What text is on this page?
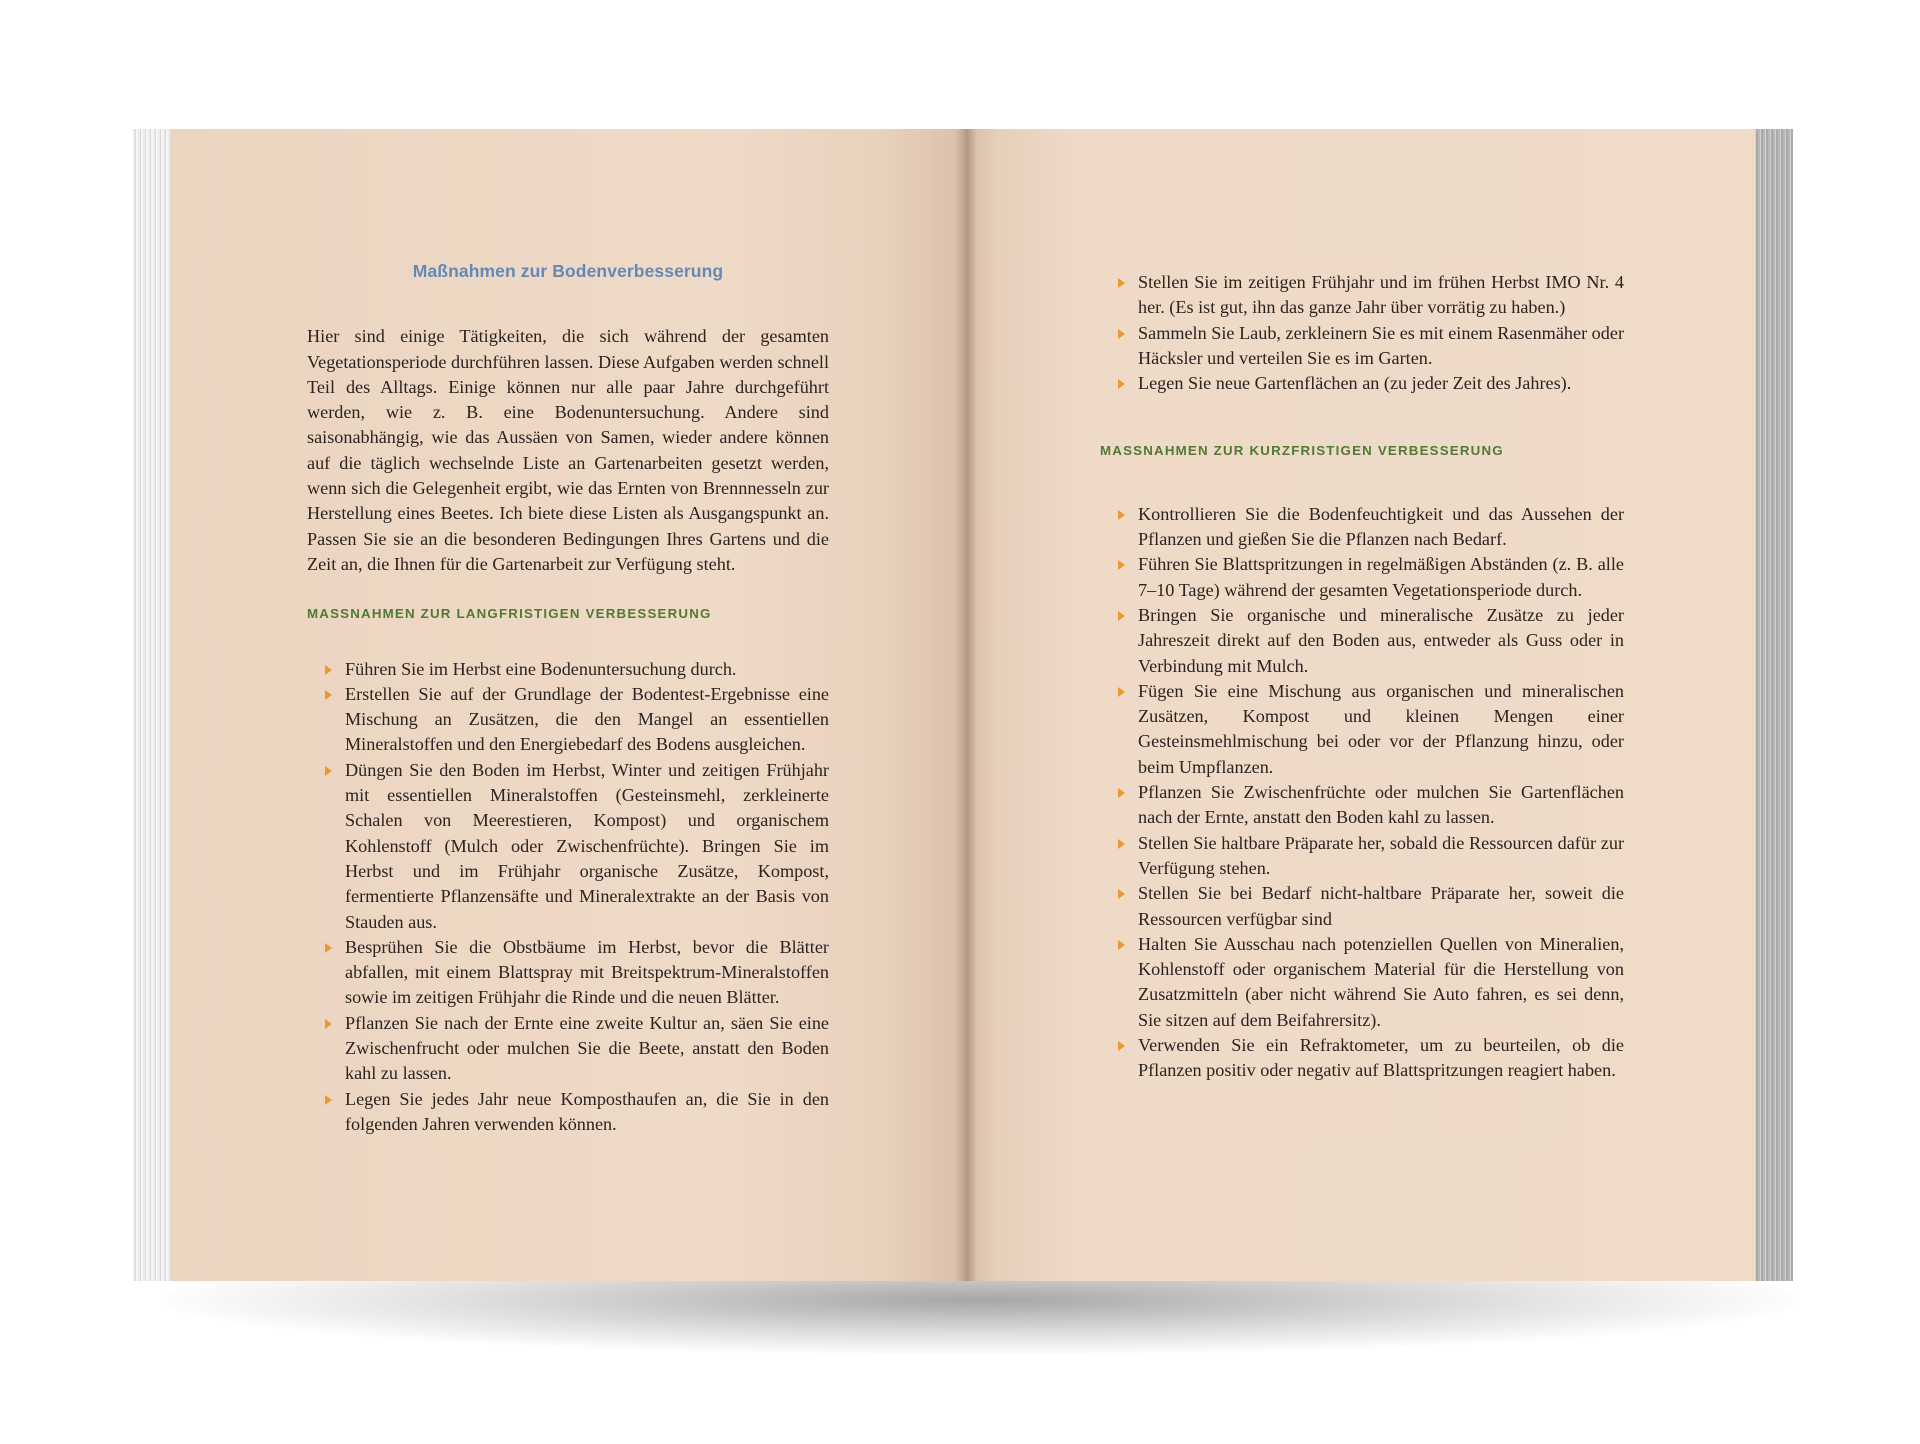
Maßnahmen zur Bodenverbesserung

Hier sind einige Tätigkeiten, die sich während der gesamten Vegetationsperiode durchführen lassen. Diese Aufgaben werden schnell Teil des Alltags. Einige können nur alle paar Jahre durchgeführt werden, wie z. B. eine Bodenuntersuchung. Andere sind saisonabhängig, wie das Aussäen von Samen, wieder andere können auf die täglich wechselnde Liste an Gartenarbeiten gesetzt werden, wenn sich die Gelegenheit ergibt, wie das Ernten von Brennnesseln zur Herstellung eines Beetes. Ich biete diese Listen als Ausgangspunkt an. Passen Sie sie an die besonderen Bedingungen Ihres Gartens und die Zeit an, die Ihnen für die Gartenarbeit zur Verfügung steht.

MASSNAHMEN ZUR LANGFRISTIGEN VERBESSERUNG
Führen Sie im Herbst eine Bodenuntersuchung durch.
Erstellen Sie auf der Grundlage der Bodentest-Ergebnisse eine Mischung an Zusätzen, die den Mangel an essentiellen Mineralstoffen und den Energiebedarf des Bodens ausgleichen.
Düngen Sie den Boden im Herbst, Winter und zeitigen Frühjahr mit essentiellen Mineralstoffen (Gesteinsmehl, zerkleinerte Schalen von Meerestieren, Kompost) und organischem Kohlenstoff (Mulch oder Zwischenfrüchte). Bringen Sie im Herbst und im Frühjahr organische Zusätze, Kompost, fermentierte Pflanzensäfte und Mineralextrakte an der Basis von Stauden aus.
Besprühen Sie die Obstbäume im Herbst, bevor die Blätter abfallen, mit einem Blattspray mit Breitspektrum-Mineralstoffen sowie im zeitigen Frühjahr die Rinde und die neuen Blätter.
Pflanzen Sie nach der Ernte eine zweite Kultur an, säen Sie eine Zwischenfrucht oder mulchen Sie die Beete, anstatt den Boden kahl zu lassen.
Legen Sie jedes Jahr neue Komposthaufen an, die Sie in den folgenden Jahren verwenden können.
Stellen Sie im zeitigen Frühjahr und im frühen Herbst IMO Nr. 4 her. (Es ist gut, ihn das ganze Jahr über vorrätig zu haben.)
Sammeln Sie Laub, zerkleinern Sie es mit einem Rasenmäher oder Häcksler und verteilen Sie es im Garten.
Legen Sie neue Gartenflächen an (zu jeder Zeit des Jahres).
MASSNAHMEN ZUR KURZFRISTIGEN VERBESSERUNG
Kontrollieren Sie die Bodenfeuchtigkeit und das Aussehen der Pflanzen und gießen Sie die Pflanzen nach Bedarf.
Führen Sie Blattspritzungen in regelmäßigen Abständen (z. B. alle 7–10 Tage) während der gesamten Vegetationsperiode durch.
Bringen Sie organische und mineralische Zusätze zu jeder Jahreszeit direkt auf den Boden aus, entweder als Guss oder in Verbindung mit Mulch.
Fügen Sie eine Mischung aus organischen und mineralischen Zusätzen, Kompost und kleinen Mengen einer Gesteinsmehlmischung bei oder vor der Pflanzung hinzu, oder beim Umpflanzen.
Pflanzen Sie Zwischenfrüchte oder mulchen Sie Gartenflächen nach der Ernte, anstatt den Boden kahl zu lassen.
Stellen Sie haltbare Präparate her, sobald die Ressourcen dafür zur Verfügung stehen.
Stellen Sie bei Bedarf nicht-haltbare Präparate her, soweit die Ressourcen verfügbar sind
Halten Sie Ausschau nach potenziellen Quellen von Mineralien, Kohlenstoff oder organischem Material für die Herstellung von Zusatzmitteln (aber nicht während Sie Auto fahren, es sei denn, Sie sitzen auf dem Beifahrersitz).
Verwenden Sie ein Refraktometer, um zu beurteilen, ob die Pflanzen positiv oder negativ auf Blattspritzungen reagiert haben.
